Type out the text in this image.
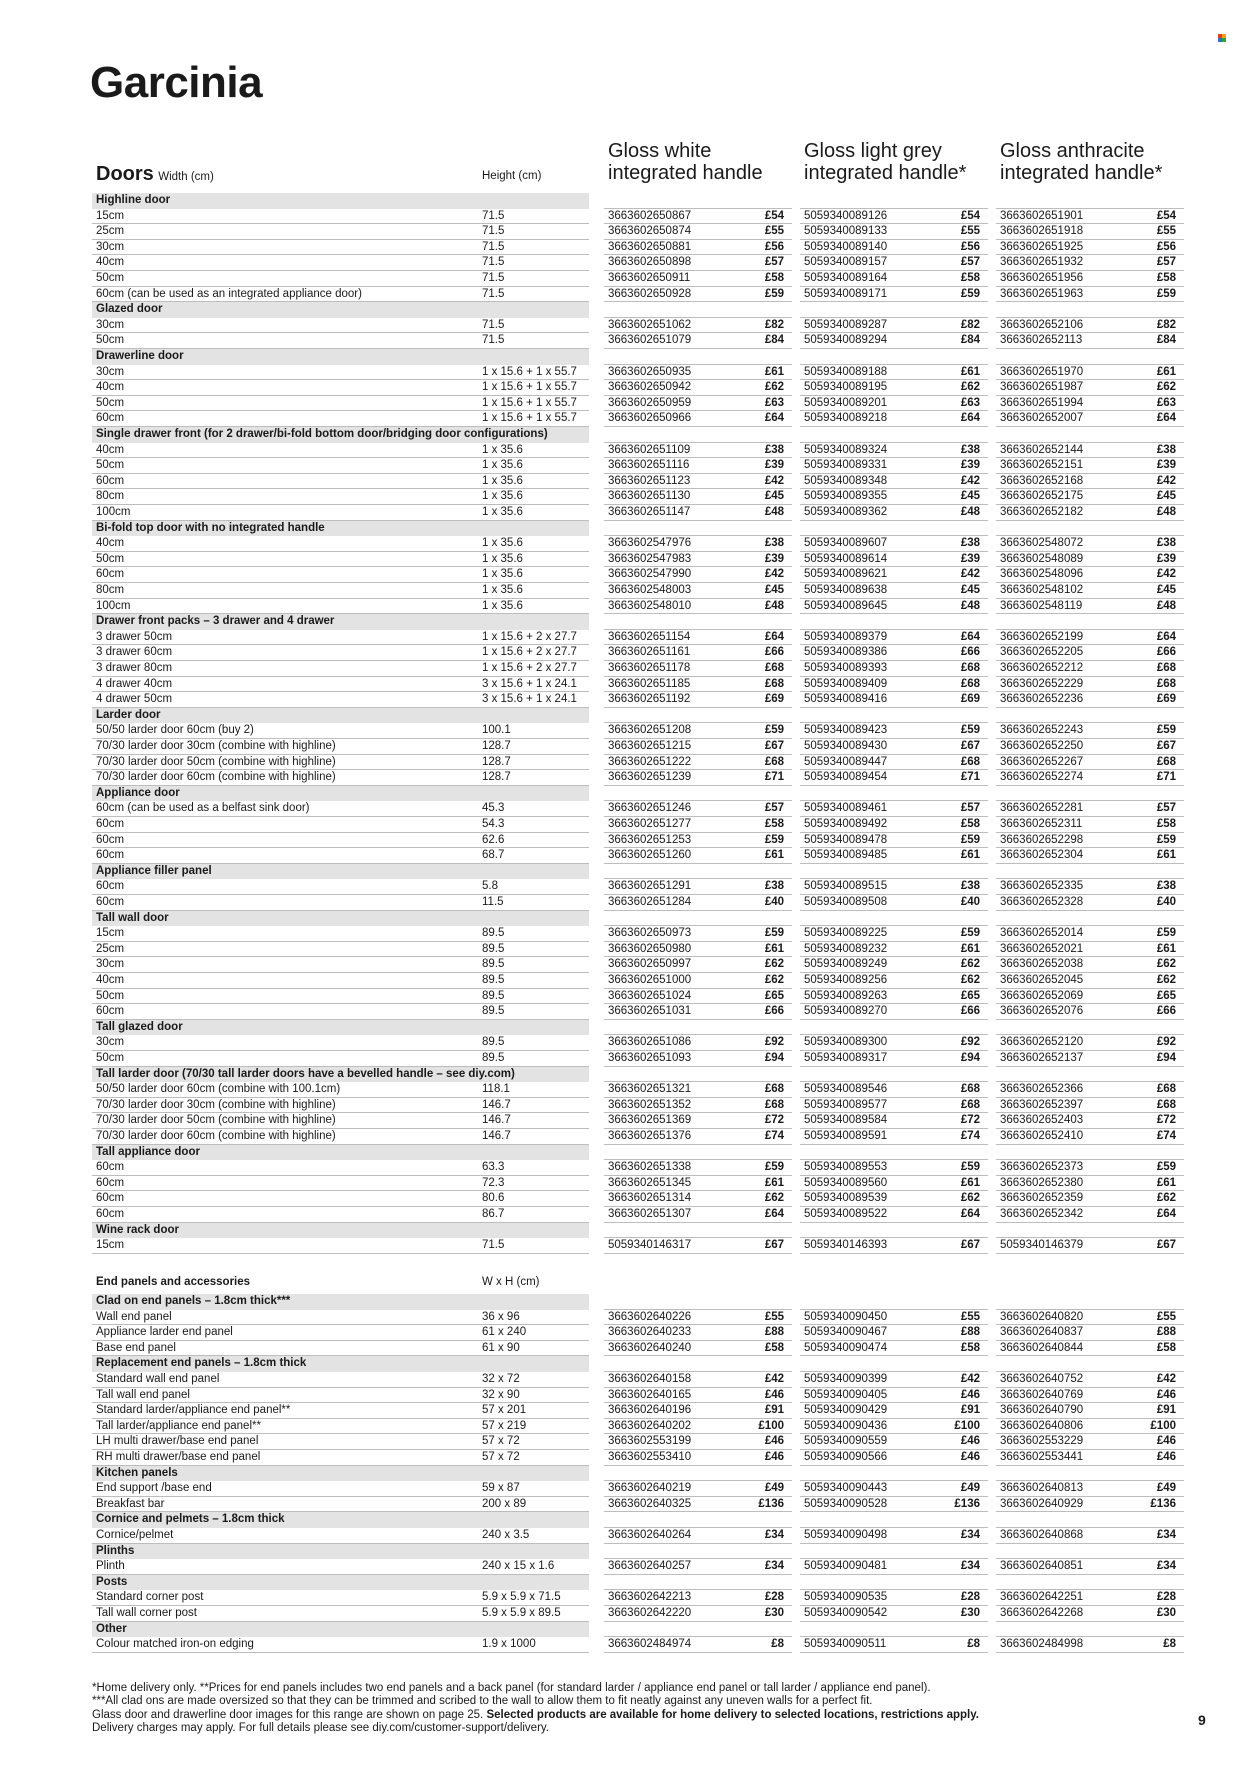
Garcinia
Gloss white
integrated handle
Gloss light grey
integrated handle*
Gloss anthracite
integrated handle*
Doors Width (cm)	Height (cm)
Highline door
15cm	71.5	3663602650867	£54 5059340089126	£54 3663602651901	£54
25cm	71.5	3663602650874	£55 5059340089133	£55 3663602651918	£55
30cm	71.5	3663602650881	£56 5059340089140	£56 3663602651925	£56
40cm	71.5	3663602650898	£57 5059340089157	£57 3663602651932	£57
50cm	71.5	3663602650911	£58 5059340089164	£58 3663602651956	£58
60cm (can be used as an integrated appliance door)	71.5	3663602650928	£59 5059340089171	£59 3663602651963	£59
Glazed door
30cm	71.5	3663602651062	£82 5059340089287	£82 3663602652106	£82
50cm	71.5	3663602651079	£84 5059340089294	£84 3663602652113	£84
Drawerline door
30cm	1 x 15.6 + 1 x 55.7	3663602650935	£61 5059340089188	£61 3663602651970	£61
40cm	1 x 15.6 + 1 x 55.7	3663602650942	£62 5059340089195	£62 3663602651987	£62
50cm	1 x 15.6 + 1 x 55.7	3663602650959	£63 5059340089201	£63 3663602651994	£63
60cm	1 x 15.6 + 1 x 55.7	3663602650966	£64 5059340089218	£64 3663602652007	£64
Single drawer front (for 2 drawer/bi-fold bottom door/bridging door configurations)
40cm	1 x 35.6	3663602651109	£38 5059340089324	£38 3663602652144	£38
50cm	1 x 35.6	3663602651116	£39 5059340089331	£39 3663602652151	£39
60cm	1 x 35.6	3663602651123	£42 5059340089348	£42 3663602652168	£42
80cm	1 x 35.6	3663602651130	£45 5059340089355	£45 3663602652175	£45
100cm	1 x 35.6	3663602651147	£48 5059340089362	£48 3663602652182	£48
Bi-fold top door with no integrated handle
40cm	1 x 35.6	3663602547976	£38 5059340089607	£38 3663602548072	£38
50cm	1 x 35.6	3663602547983	£39 5059340089614	£39 3663602548089	£39
60cm	1 x 35.6	3663602547990	£42 5059340089621	£42 3663602548096	£42
80cm	1 x 35.6	3663602548003	£45 5059340089638	£45 3663602548102	£45
100cm	1 x 35.6	3663602548010	£48 5059340089645	£48 3663602548119	£48
Drawer front packs – 3 drawer and 4 drawer
3 drawer 50cm	1 x 15.6 + 2 x 27.7	3663602651154	£64 5059340089379	£64 3663602652199	£64
3 drawer 60cm	1 x 15.6 + 2 x 27.7	3663602651161	£66 5059340089386	£66 3663602652205	£66
3 drawer 80cm	1 x 15.6 + 2 x 27.7	3663602651178	£68 5059340089393	£68 3663602652212	£68
4 drawer 40cm	3 x 15.6 + 1 x 24.1	3663602651185	£68 5059340089409	£68 3663602652229	£68
4 drawer 50cm	3 x 15.6 + 1 x 24.1	3663602651192	£69 5059340089416	£69 3663602652236	£69
Larder door
50/50 larder door 60cm (buy 2)	100.1	3663602651208	£59 5059340089423	£59 3663602652243	£59
70/30 larder door 30cm (combine with highline)	128.7	3663602651215	£67 5059340089430	£67 3663602652250	£67
70/30 larder door 50cm (combine with highline)	128.7	3663602651222	£68 5059340089447	£68 3663602652267	£68
70/30 larder door 60cm (combine with highline)	128.7	3663602651239	£71 5059340089454	£71 3663602652274	£71
Appliance door
60cm (can be used as a belfast sink door)	45.3	3663602651246	£57 5059340089461	£57 3663602652281	£57
60cm	54.3	3663602651277	£58 5059340089492	£58 3663602652311	£58
60cm	62.6	3663602651253	£59 5059340089478	£59 3663602652298	£59
60cm	68.7	3663602651260	£61 5059340089485	£61 3663602652304	£61
Appliance filler panel
60cm	5.8	3663602651291	£38 5059340089515	£38 3663602652335	£38
60cm	11.5	3663602651284	£40 5059340089508	£40 3663602652328	£40
Tall wall door
15cm	89.5	3663602650973	£59 5059340089225	£59 3663602652014	£59
25cm	89.5	3663602650980	£61 5059340089232	£61 3663602652021	£61
30cm	89.5	3663602650997	£62 5059340089249	£62 3663602652038	£62
40cm	89.5	3663602651000	£62 5059340089256	£62 3663602652045	£62
50cm	89.5	3663602651024	£65 5059340089263	£65 3663602652069	£65
60cm	89.5	3663602651031	£66 5059340089270	£66 3663602652076	£66
Tall glazed door
30cm	89.5	3663602651086	£92 5059340089300	£92 3663602652120	£92
50cm	89.5	3663602651093	£94 5059340089317	£94 3663602652137	£94
Tall larder door (70/30 tall larder doors have a bevelled handle – see diy.com)
50/50 larder door 60cm (combine with 100.1cm)	118.1	3663602651321	£68 5059340089546	£68 3663602652366	£68
70/30 larder door 30cm (combine with highline)	146.7	3663602651352	£68 5059340089577	£68 3663602652397	£68
70/30 larder door 50cm (combine with highline)	146.7	3663602651369	£72 5059340089584	£72 3663602652403	£72
70/30 larder door 60cm (combine with highline)	146.7	3663602651376	£74 5059340089591	£74 3663602652410	£74
Tall appliance door
60cm	63.3	3663602651338	£59 5059340089553	£59 3663602652373	£59
60cm	72.3	3663602651345	£61 5059340089560	£61 3663602652380	£61
60cm	80.6	3663602651314	£62 5059340089539	£62 3663602652359	£62
60cm	86.7	3663602651307	£64 5059340089522	£64 3663602652342	£64
Wine rack door
15cm	71.5	5059340146317	£67 5059340146393	£67 5059340146379	£67
End panels and accessories	W x H (cm)
Clad on end panels – 1.8cm thick***
Wall end panel	36 x 96	3663602640226	£55 5059340090450	£55 3663602640820	£55
Appliance larder end panel	61 x 240	3663602640233	£88 5059340090467	£88 3663602640837	£88
Base end panel	61 x 90	3663602640240	£58 5059340090474	£58 3663602640844	£58
Replacement end panels – 1.8cm thick
Standard wall end panel	32 x 72	3663602640158	£42 5059340090399	£42 3663602640752	£42
Tall wall end panel	32 x 90	3663602640165	£46 5059340090405	£46 3663602640769	£46
Standard larder/appliance end panel**	57 x 201	3663602640196	£91 5059340090429	£91 3663602640790	£91
Tall larder/appliance end panel**	57 x 219	3663602640202	£100 5059340090436	£100 3663602640806	£100
LH multi drawer/base end panel	57 x 72	3663602553199	£46 5059340090559	£46 3663602553229	£46
RH multi drawer/base end panel	57 x 72	3663602553410	£46 5059340090566	£46 3663602553441	£46
Kitchen panels
End support /base end	59 x 87	3663602640219	£49 5059340090443	£49 3663602640813	£49
Breakfast bar	200 x 89	3663602640325	£136 5059340090528	£136 3663602640929	£136
Cornice and pelmets – 1.8cm thick
Cornice/pelmet	240 x 3.5	3663602640264	£34 5059340090498	£34 3663602640868	£34
Plinths
Plinth	240 x 15 x 1.6	3663602640257	£34 5059340090481	£34 3663602640851	£34
Posts
Standard corner post	5.9 x 5.9 x 71.5	3663602642213	£28 5059340090535	£28 3663602642251	£28
Tall wall corner post	5.9 x 5.9 x 89.5	3663602642220	£30 5059340090542	£30 3663602642268	£30
Other
Colour matched iron-on edging	1.9 x 1000	3663602484974	£8 5059340090511	£8 3663602484998	£8
*Home delivery only. **Prices for end panels includes two end panels and a back panel (for standard larder / appliance end panel or tall larder / appliance end panel).
***All clad ons are made oversized so that they can be trimmed and scribed to the wall to allow them to fit neatly against any uneven walls for a perfect fit.
Glass door and drawerline door images for this range are shown on page 25. Selected products are available for home delivery to selected locations, restrictions apply.
Delivery charges may apply. For full details please see diy.com/customer-support/delivery.
9
